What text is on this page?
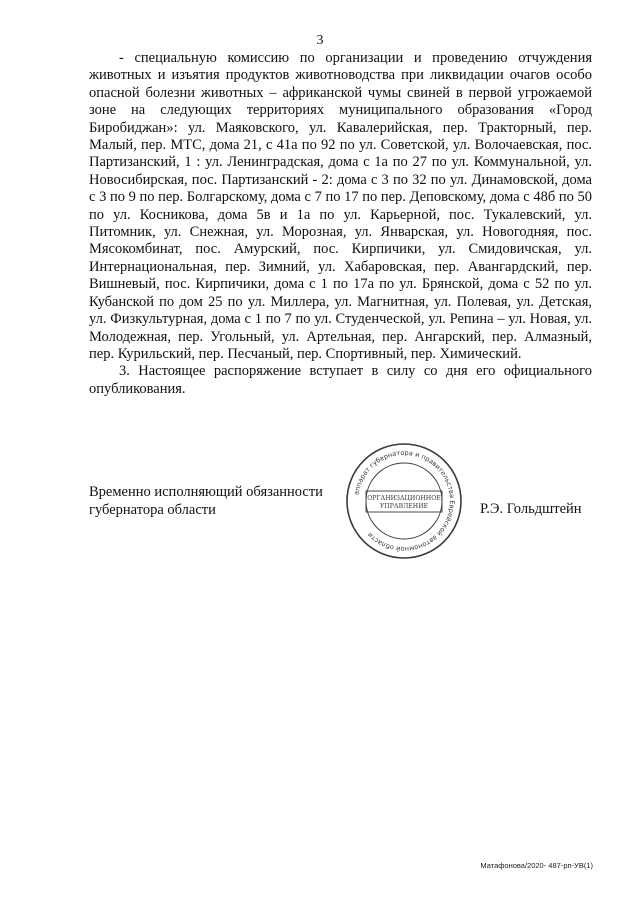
3

- специальную комиссию по организации и проведению отчуждения животных и изъятия продуктов животноводства при ликвидации очагов особо опасной болезни животных – африканской чумы свиней в первой угрожаемой зоне на следующих территориях муниципального образования «Город Биробиджан»: ул. Маяковского, ул. Кавалерийская, пер. Тракторный, пер. Малый, пер. МТС, дома 21, с 41а по 92 по ул. Советской, ул. Волочаевская, пос. Партизанский, 1 : ул. Ленинградская, дома с 1а по 27 по ул. Коммунальной, ул. Новосибирская, пос. Партизанский - 2: дома с 3 по 32 по ул. Динамовской, дома с 3 по 9 по пер. Болгарскому, дома с 7 по 17 по пер. Деповскому, дома с 48б по 50 по ул. Косникова, дома 5в и 1а по ул. Карьерной, пос. Тукалевский, ул. Питомник, ул. Снежная, ул. Морозная, ул. Январская, ул. Новогодняя, пос. Мясокомбинат, пос. Амурский, пос. Кирпичики, ул. Смидовичская, ул. Интернациональная, пер. Зимний, ул. Хабаровская, пер. Авангардский, пер. Вишневый, пос. Кирпичики, дома с 1 по 17а по ул. Брянской, дома с 52 по ул. Кубанской по дом 25 по ул. Миллера, ул. Магнитная, ул. Полевая, ул. Детская, ул. Физкультурная, дома с 1 по 7 по ул. Студенческой, ул. Репина – ул. Новая, ул. Молодежная, пер. Угольный, ул. Артельная, пер. Ангарский, пер. Алмазный, пер. Курильский, пер. Песчаный, пер. Спортивный, пер. Химический.

3. Настоящее распоряжение вступает в силу со дня его официального опубликования.

Временно исполняющий обязанности
губернатора области
аппарат губернатора и правительства Еврейской автономной области
ОРГАНИЗАЦИОННОЕ
УПРАВЛЕНИЕ	Р.Э. Гольдштейн
Матафонова/2020- 487-рп-УВ(1)
